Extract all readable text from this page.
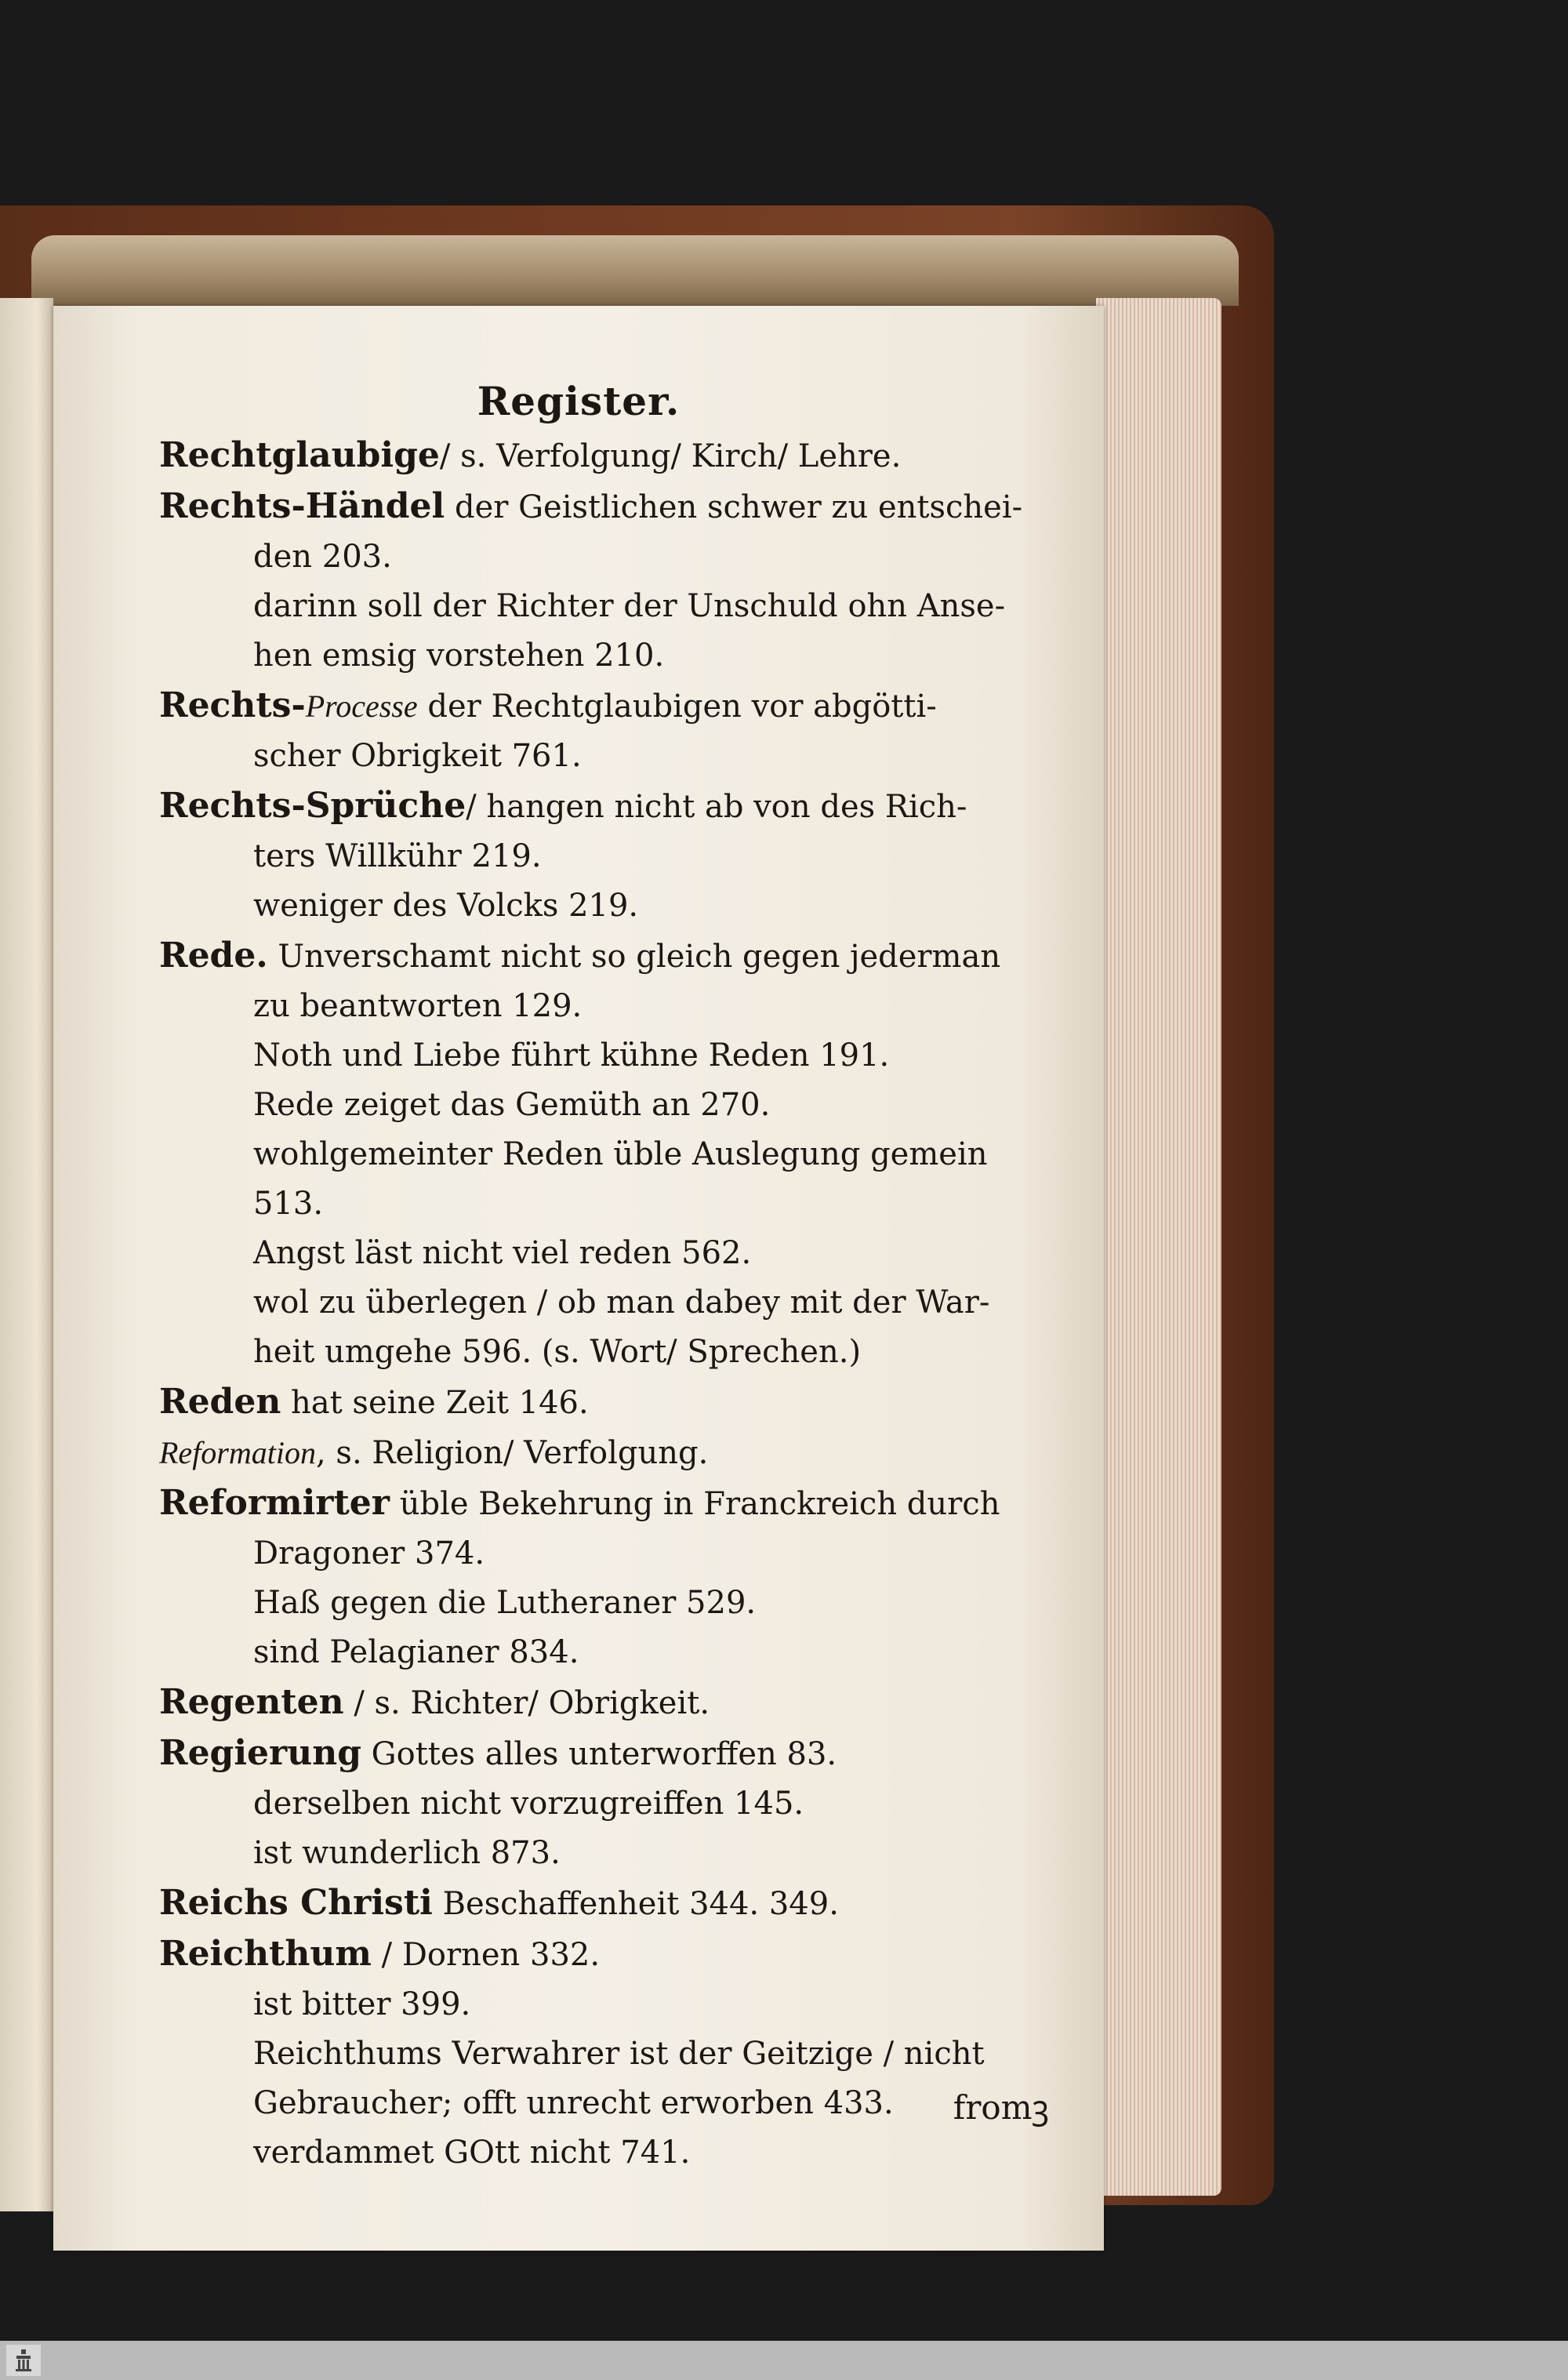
Register.
Rechtglaubige/ s. Verfolgung/ Kirch/ Lehre.
Rechts-Händel der Geistlichen schwer zu entschei-
den 203.
darinn soll der Richter der Unschuld ohn Anse-
hen emsig vorstehen 210.
Rechts-Processe der Rechtglaubigen vor abgötti-
scher Obrigkeit 761.
Rechts-Sprüche/ hangen nicht ab von des Rich-
ters Willkühr 219.
weniger des Volcks 219.
Rede. Unverschamt nicht so gleich gegen jederman
zu beantworten 129.
Noth und Liebe führt kühne Reden 191.
Rede zeiget das Gemüth an 270.
wohlgemeinter Reden üble Auslegung gemein
513.
Angst läst nicht viel reden 562.
wol zu überlegen / ob man dabey mit der War-
heit umgehe 596. (s. Wort/ Sprechen.)
Reden hat seine Zeit 146.
Reformation, s. Religion/ Verfolgung.
Reformirter üble Bekehrung in Franckreich durch
Dragoner 374.
Haß gegen die Lutheraner 529.
sind Pelagianer 834.
Regenten / s. Richter/ Obrigkeit.
Regierung Gottes alles unterworffen 83.
derselben nicht vorzugreiffen 145.
ist wunderlich 873.
Reichs Christi Beschaffenheit 344. 349.
Reichthum / Dornen 332.
ist bitter 399.
Reichthums Verwahrer ist der Geitzige / nicht
Gebraucher; offt unrecht erworben 433.
verdammet GOtt nicht 741.
fromꝫ
